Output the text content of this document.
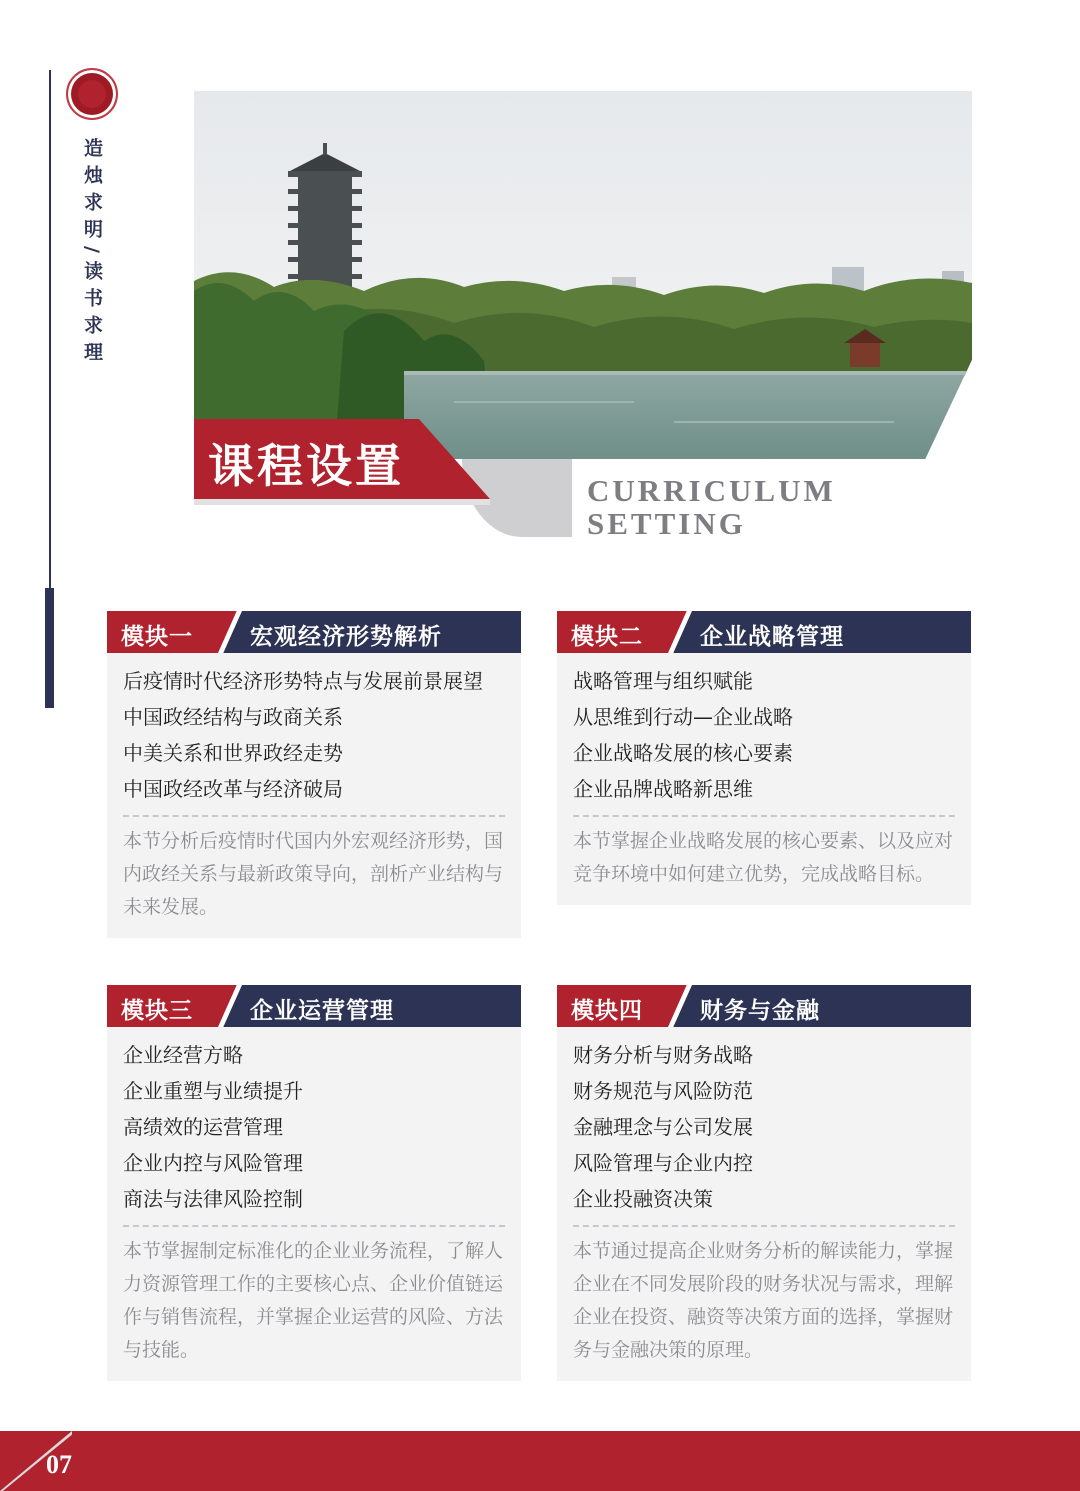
造烛求明/读书求理
课程设置	CURRICULUM
SETTING
模块一 宏观经济形势解析
后疫情时代经济形势特点与发展前景展望
中国政经结构与政商关系
中美关系和世界政经走势
中国政经改革与经济破局

本节分析后疫情时代国内外宏观经济形势，国内政经关系与最新政策导向，剖析产业结构与未来发展。

模块二 企业战略管理
战略管理与组织赋能
从思维到行动—企业战略
企业战略发展的核心要素
企业品牌战略新思维

本节掌握企业战略发展的核心要素、以及应对竞争环境中如何建立优势，完成战略目标。

模块三 企业运营管理
企业经营方略
企业重塑与业绩提升
高绩效的运营管理
企业内控与风险管理
商法与法律风险控制

本节掌握制定标准化的企业业务流程，了解人力资源管理工作的主要核心点、企业价值链运作与销售流程，并掌握企业运营的风险、方法与技能。

模块四 财务与金融
财务分析与财务战略
财务规范与风险防范
金融理念与公司发展
风险管理与企业内控
企业投融资决策

本节通过提高企业财务分析的解读能力，掌握企业在不同发展阶段的财务状况与需求，理解企业在投资、融资等决策方面的选择，掌握财务与金融决策的原理。

07
